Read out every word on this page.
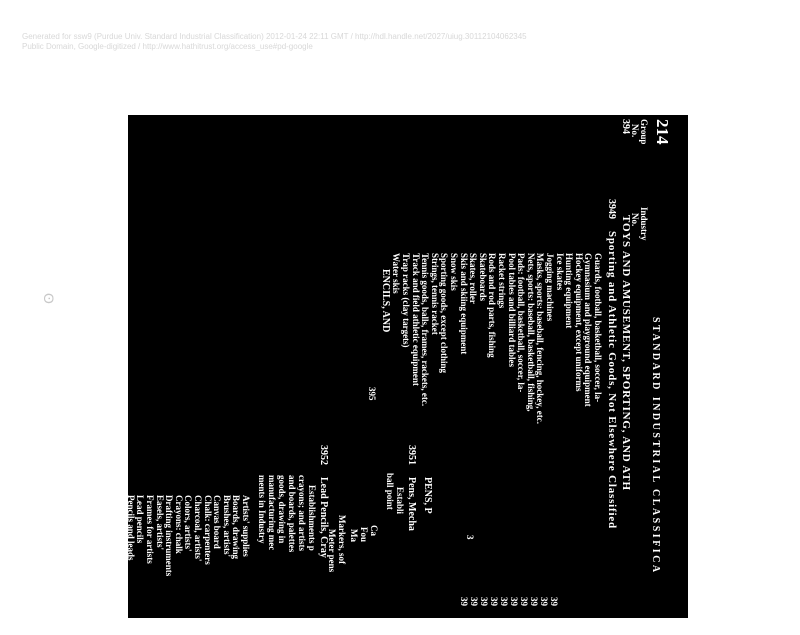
Generated for ssw9 (Purdue Univ. Standard Industrial Classification) 2012-01-24 22:11 GMT / http://hdl.handle.net/2027/uiug.30112104062345
Public Domain, Google-digitized / http://www.hathitrust.org/access_use#pd-google
ʘ
214
STANDARD INDUSTRIAL CLASSIFICA
Group
No.
Industry
No.
394
TOYS AND AMUSEMENT, SPORTING, AND ATH
3949
Sporting and Athletic Goods, Not Elsewhere Classified
39
39
39
39
39
39
39
39
39
39
Guards, football, basketball, soccer, la-
Gymnasium and playground equipment
Hockey equipment, except uniforms
Hunting equipment
Ice skates
Jogging machines
Masks, sports: baseball, fencing, hockey, etc.
Nets, sports: baseball, basketball, fishing,
Pads: football, basketball, soccer, la-
Pool tables and billiard tables
Racket strings
Rods and rod parts, fishing
Skateboards
Skates, roller
Skis and skiing equipment
Snow skis
Sporting goods, except clothing
Strings, tennis racket
Tennis goods, balls, frames, rackets, etc.
Track and field athletic equipment
Trap racks (clay targets)
Water skis
395
PENS, P
ENCILS, AND
3951
Pens, Mecha
Establi
ball point
3
Ca
Fou
Ma
Markers, sof
Meter pens
3952
Lead Pencils, Cray
Establishments p
crayons; and artists
and boards, palettes
goods, drawing in
manufacturing mec
ments in Industry
Artists' supplies
Boards, drawing
Brushes, artists'
Canvas board
Chalk: carpenters
Charcoal, artists'
Colors, artists'
Crayons: chalk
Drafting instruments
Easels, artists'
Frames for artists
Lead pencils
Pencils and leads
Paint, artists'
